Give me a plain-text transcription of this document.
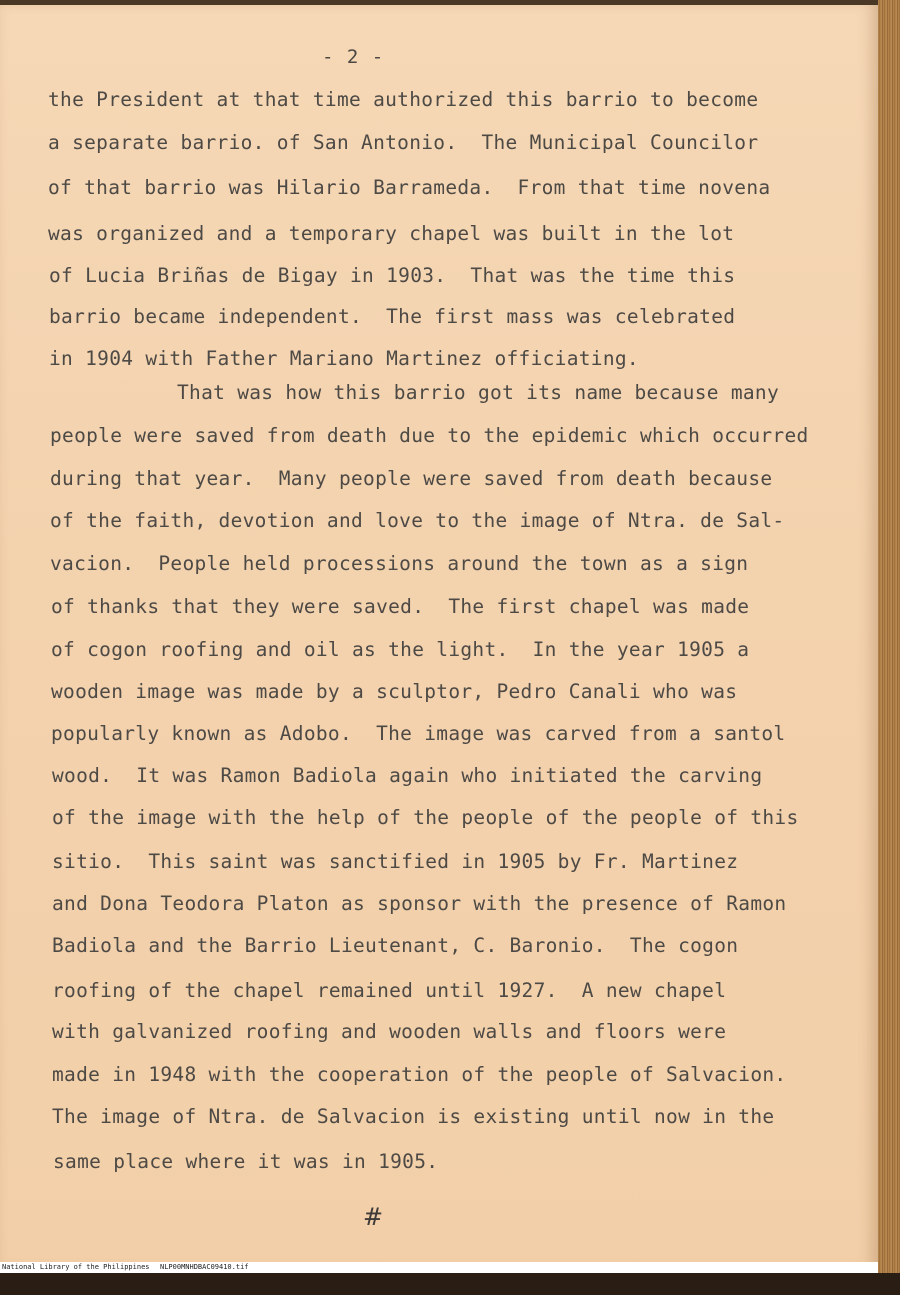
- 2 -
the President at that time authorized this barrio to become
a separate barrio. of San Antonio.  The Municipal Councilor
of that barrio was Hilario Barrameda.  From that time novena
was organized and a temporary chapel was built in the lot
of Lucia Briñas de Bigay in 1903.  That was the time this
barrio became independent.  The first mass was celebrated
in 1904 with Father Mariano Martinez officiating.
That was how this barrio got its name because many
people were saved from death due to the epidemic which occurred
during that year.  Many people were saved from death because
of the faith, devotion and love to the image of Ntra. de Sal-
vacion.  People held processions around the town as a sign
of thanks that they were saved.  The first chapel was made
of cogon roofing and oil as the light.  In the year 1905 a
wooden image was made by a sculptor, Pedro Canali who was
popularly known as Adobo.  The image was carved from a santol
wood.  It was Ramon Badiola again who initiated the carving
of the image with the help of the people of the people of this
sitio.  This saint was sanctified in 1905 by Fr. Martinez
and Dona Teodora Platon as sponsor with the presence of Ramon
Badiola and the Barrio Lieutenant, C. Baronio.  The cogon
roofing of the chapel remained until 1927.  A new chapel
with galvanized roofing and wooden walls and floors were
made in 1948 with the cooperation of the people of Salvacion.
The image of Ntra. de Salvacion is existing until now in the
same place where it was in 1905.
#

National Library of the Philippines

NLP00MNHDBAC09410.tif
